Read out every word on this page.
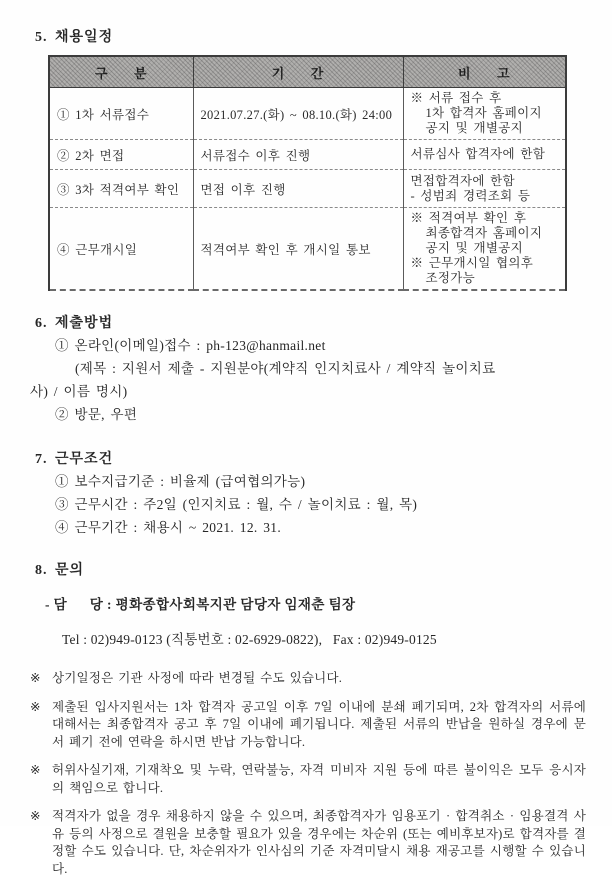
5. 채용일정
구      분	기      간	비      고
① 1차 서류접수	2021.07.27.(화) ~ 08.10.(화) 24:00	※ 서류 접수 후
1차 합격자 홈페이지
공지 및 개별공지

② 2차 면접	서류접수 이후 진행	서류심사 합격자에 한함

③ 3차 적격여부 확인	면접 이후 진행	면접합격자에 한함
- 성범죄 경력조회 등

④ 근무개시일	적격여부 확인 후 개시일 통보	※ 적격여부 확인 후
최종합격자 홈페이지
공지 및 개별공지
※ 근무개시일 협의후
조정가능
6. 제출방법

① 온라인(이메일)접수 : ph-123@hanmail.net

(제목 : 지원서 제출 - 지원분야(계약직 인지치료사 / 계약직 놀이치료

사) / 이름 명시)

② 방문, 우편

7. 근무조건

① 보수지급기준 : 비율제 (급여협의가능)

③ 근무시간 : 주2일 (인지치료 : 월, 수 / 놀이치료 : 월, 목)

④ 근무기간 : 채용시 ~ 2021. 12. 31.

8. 문의

- 담      당 : 평화종합사회복지관 담당자 임재춘 팀장

Tel : 02)949-0123 (직통번호 : 02-6929-0822),   Fax : 02)949-0125

※ 상기일정은 기관 사정에 따라 변경될 수도 있습니다.
※ 제출된 입사지원서는 1차 합격자 공고일 이후 7일 이내에 분쇄 폐기되며, 2차 합격자의 서류에 대해서는 최종합격자 공고 후 7일 이내에 폐기됩니다. 제출된 서류의 반납을 원하실 경우에 문서 폐기 전에 연락을 하시면 반납 가능합니다.
※ 허위사실기재, 기재착오 및 누락, 연락불능, 자격 미비자 지원 등에 따른 불이익은 모두 응시자의 책임으로 합니다.
※ 적격자가 없을 경우 채용하지 않을 수 있으며, 최종합격자가 임용포기 · 합격취소 · 임용결격 사유 등의 사정으로 결원을 보충할 필요가 있을 경우에는 차순위 (또는 예비후보자)로 합격자를 결정할 수도 있습니다. 단, 차순위자가 인사심의 기준 자격미달시 채용 재공고를 시행할 수 있습니다.
